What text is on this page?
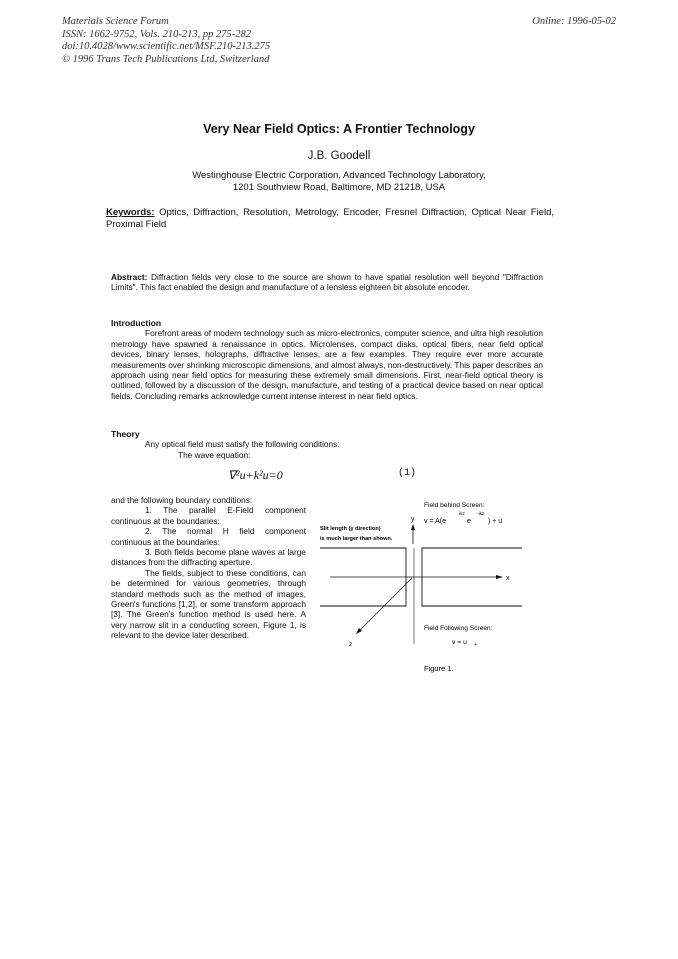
Materials Science Forum
ISSN: 1662-9752, Vols. 210-213, pp 275-282
doi:10.4028/www.scientific.net/MSF.210-213.275
© 1996 Trans Tech Publications Ltd, Switzerland
Online: 1996-05-02
Very Near Field Optics: A Frontier Technology
J.B. Goodell
Westinghouse Electric Corporation, Advanced Technology Laboratory,
1201 Southview Road, Baltimore, MD 21218, USA
Keywords: Optics, Diffraction, Resolution, Metrology, Encoder, Fresnel Diffraction, Optical Near Field, Proximal Field
Abstract: Diffraction fields very close to the source are shown to have spatial resolution well beyond "Diffraction Limits". This fact enabled the design and manufacture of a lensless eighteen bit absolute encoder.
Introduction

Forefront areas of modern technology such as micro-electronics, computer science, and ultra high resolution metrology have spawned a renaissance in optics. Microlenses, compact disks, optical fibers, near field optical devices, binary lenses, holographs, diffractive lenses, are a few examples. They require ever more accurate measurements over shrinking microscopic dimensions, and almost always, non-destructively. This paper describes an approach using near field optics for measuring these extremely small dimensions. First, near-field optical theory is outlined, followed by a discussion of the design, manufacture, and testing of a practical device based on near optical fields. Concluding remarks acknowledge current intense interest in near field optics.

Theory
Any optical field must satisfy the following conditions:
The wave equation:
∇²u+k²u=0	(1)
and the following boundary conditions:

1. The parallel E-Field component continuous at the boundaries:

2. The normal H field component continuous at the boundaries:

3. Both fields become plane waves at large distances from the diffracting aperture.

The fields, subject to these conditions, can be determined for various geometries, through standard methods such as the method of images, Green's functions [1,2], or some transform approach [3]. The Green's function method is used here. A very narrow slit in a conducting screen, Figure 1, is relevant to the device later described.

Field behind Screen:
y v = A(e
ikz
· e
-ikz
) + u
Slit length (y direction)
is much larger than shown.
x
z
Field Following Screen:
v = u +
Figure 1.
